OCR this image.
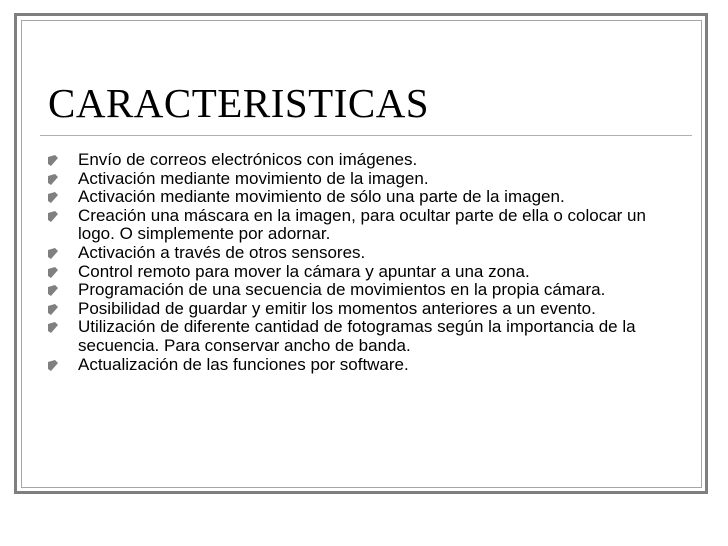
CARACTERISTICAS
Envío de correos electrónicos con imágenes.
Activación mediante movimiento de la imagen.
Activación mediante movimiento de sólo una parte de la imagen.
Creación una máscara en la imagen, para ocultar parte de ella o colocar un logo. O simplemente por adornar.
Activación a través de otros sensores.
Control remoto para mover la cámara y apuntar a una zona.
Programación de una secuencia de movimientos en la propia cámara.
Posibilidad de guardar y emitir los momentos anteriores a un evento.
Utilización de diferente cantidad de fotogramas según la importancia de la secuencia. Para conservar ancho de banda.
Actualización de las funciones por software.
